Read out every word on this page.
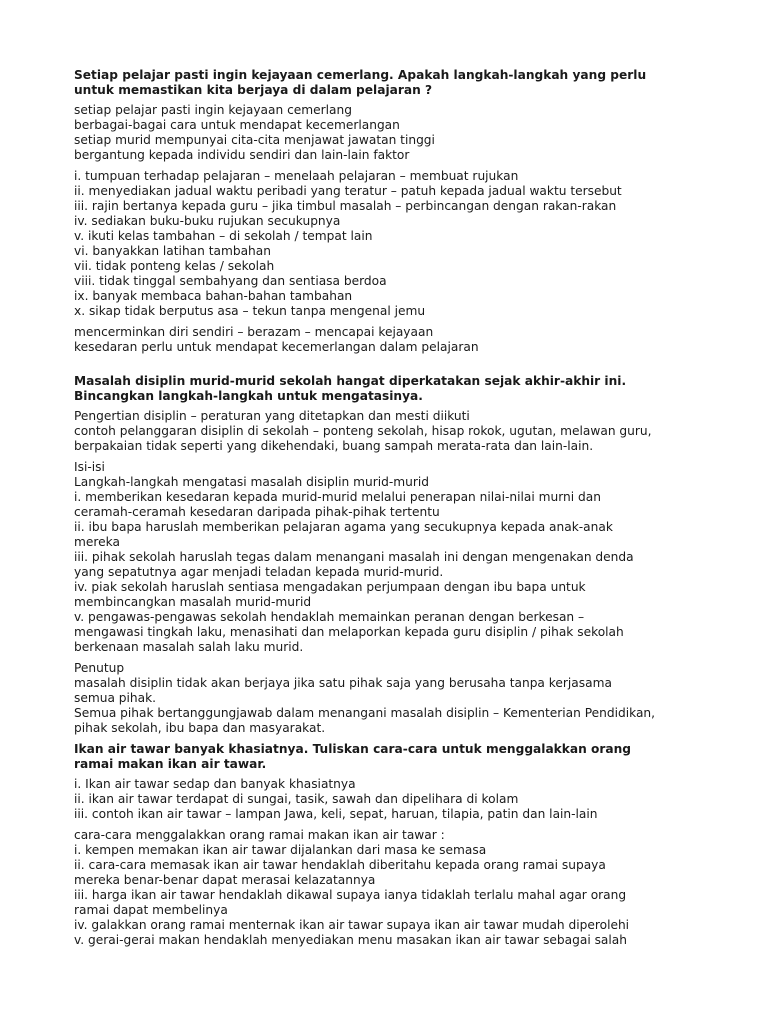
Setiap pelajar pasti ingin kejayaan cemerlang. Apakah langkah-langkah yang perlu
untuk memastikan kita berjaya di dalam pelajaran ?
setiap pelajar pasti ingin kejayaan cemerlang
berbagai-bagai cara untuk mendapat kecemerlangan
setiap murid mempunyai cita-cita menjawat jawatan tinggi
bergantung kepada individu sendiri dan lain-lain faktor
i. tumpuan terhadap pelajaran – menelaah pelajaran – membuat rujukan
ii. menyediakan jadual waktu peribadi yang teratur – patuh kepada jadual waktu tersebut
iii. rajin bertanya kepada guru – jika timbul masalah – perbincangan dengan rakan-rakan
iv. sediakan buku-buku rujukan secukupnya
v. ikuti kelas tambahan – di sekolah / tempat lain
vi. banyakkan latihan tambahan
vii. tidak ponteng kelas / sekolah
viii. tidak tinggal sembahyang dan sentiasa berdoa
ix. banyak membaca bahan-bahan tambahan
x. sikap tidak berputus asa – tekun tanpa mengenal jemu
mencerminkan diri sendiri – berazam – mencapai kejayaan
kesedaran perlu untuk mendapat kecemerlangan dalam pelajaran
Masalah disiplin murid-murid sekolah hangat diperkatakan sejak akhir-akhir ini.
Bincangkan langkah-langkah untuk mengatasinya.
Pengertian disiplin – peraturan yang ditetapkan dan mesti diikuti
contoh pelanggaran disiplin di sekolah – ponteng sekolah, hisap rokok, ugutan, melawan guru,
berpakaian tidak seperti yang dikehendaki, buang sampah merata-rata dan lain-lain.
Isi-isi
Langkah-langkah mengatasi masalah disiplin murid-murid
i. memberikan kesedaran kepada murid-murid melalui penerapan nilai-nilai murni dan
ceramah-ceramah kesedaran daripada pihak-pihak tertentu
ii. ibu bapa haruslah memberikan pelajaran agama yang secukupnya kepada anak-anak
mereka
iii. pihak sekolah haruslah tegas dalam menangani masalah ini dengan mengenakan denda
yang sepatutnya agar menjadi teladan kepada murid-murid.
iv. piak sekolah haruslah sentiasa mengadakan perjumpaan dengan ibu bapa untuk
membincangkan masalah murid-murid
v. pengawas-pengawas sekolah hendaklah memainkan peranan dengan berkesan –
mengawasi tingkah laku, menasihati dan melaporkan kepada guru disiplin / pihak sekolah
berkenaan masalah salah laku murid.
Penutup
masalah disiplin tidak akan berjaya jika satu pihak saja yang berusaha tanpa kerjasama
semua pihak.
Semua pihak bertanggungjawab dalam menangani masalah disiplin – Kementerian Pendidikan,
pihak sekolah, ibu bapa dan masyarakat.
Ikan air tawar banyak khasiatnya. Tuliskan cara-cara untuk menggalakkan orang
ramai makan ikan air tawar.
i. Ikan air tawar sedap dan banyak khasiatnya
ii. ikan air tawar terdapat di sungai, tasik, sawah dan dipelihara di kolam
iii. contoh ikan air tawar – lampan Jawa, keli, sepat, haruan, tilapia, patin dan lain-lain
cara-cara menggalakkan orang ramai makan ikan air tawar :
i. kempen memakan ikan air tawar dijalankan dari masa ke semasa
ii. cara-cara memasak ikan air tawar hendaklah diberitahu kepada orang ramai supaya
mereka benar-benar dapat merasai kelazatannya
iii. harga ikan air tawar hendaklah dikawal supaya ianya tidaklah terlalu mahal agar orang
ramai dapat membelinya
iv. galakkan orang ramai menternak ikan air tawar supaya ikan air tawar mudah diperolehi
v. gerai-gerai makan hendaklah menyediakan menu masakan ikan air tawar sebagai salah
